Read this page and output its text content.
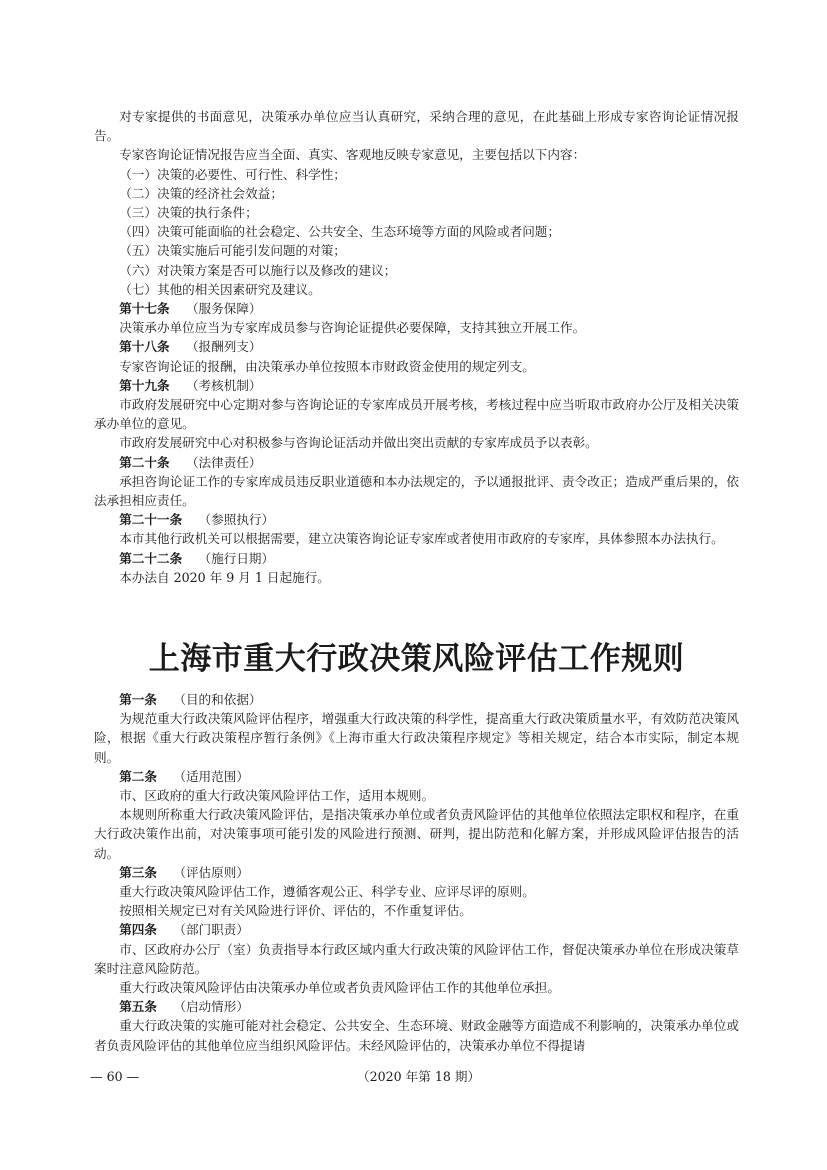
对专家提供的书面意见，决策承办单位应当认真研究，采纳合理的意见，在此基础上形成专家咨询论证情况报告。

专家咨询论证情况报告应当全面、真实、客观地反映专家意见，主要包括以下内容：

（一）决策的必要性、可行性、科学性；

（二）决策的经济社会效益；

（三）决策的执行条件；

（四）决策可能面临的社会稳定、公共安全、生态环境等方面的风险或者问题；

（五）决策实施后可能引发问题的对策；

（六）对决策方案是否可以施行以及修改的建议；

（七）其他的相关因素研究及建议。

第十七条 （服务保障）

决策承办单位应当为专家库成员参与咨询论证提供必要保障，支持其独立开展工作。

第十八条 （报酬列支）

专家咨询论证的报酬，由决策承办单位按照本市财政资金使用的规定列支。

第十九条 （考核机制）

市政府发展研究中心定期对参与咨询论证的专家库成员开展考核，考核过程中应当听取市政府办公厅及相关决策承办单位的意见。

市政府发展研究中心对积极参与咨询论证活动并做出突出贡献的专家库成员予以表彰。

第二十条 （法律责任）

承担咨询论证工作的专家库成员违反职业道德和本办法规定的，予以通报批评、责令改正；造成严重后果的，依法承担相应责任。

第二十一条 （参照执行）

本市其他行政机关可以根据需要，建立决策咨询论证专家库或者使用市政府的专家库，具体参照本办法执行。

第二十二条 （施行日期）

本办法自 2020 年 9 月 1 日起施行。

上海市重大行政决策风险评估工作规则

第一条 （目的和依据）

为规范重大行政决策风险评估程序，增强重大行政决策的科学性，提高重大行政决策质量水平，有效防范决策风险，根据《重大行政决策程序暂行条例》《上海市重大行政决策程序规定》等相关规定，结合本市实际，制定本规则。

第二条 （适用范围）

市、区政府的重大行政决策风险评估工作，适用本规则。

本规则所称重大行政决策风险评估，是指决策承办单位或者负责风险评估的其他单位依照法定职权和程序，在重大行政决策作出前，对决策事项可能引发的风险进行预测、研判，提出防范和化解方案，并形成风险评估报告的活动。

第三条 （评估原则）

重大行政决策风险评估工作，遵循客观公正、科学专业、应评尽评的原则。

按照相关规定已对有关风险进行评价、评估的，不作重复评估。

第四条 （部门职责）

市、区政府办公厅（室）负责指导本行政区域内重大行政决策的风险评估工作，督促决策承办单位在形成决策草案时注意风险防范。

重大行政决策风险评估由决策承办单位或者负责风险评估工作的其他单位承担。

第五条 （启动情形）

重大行政决策的实施可能对社会稳定、公共安全、生态环境、财政金融等方面造成不利影响的，决策承办单位或者负责风险评估的其他单位应当组织风险评估。未经风险评估的，决策承办单位不得提请

— 60 —	（2020 年第 18 期）
